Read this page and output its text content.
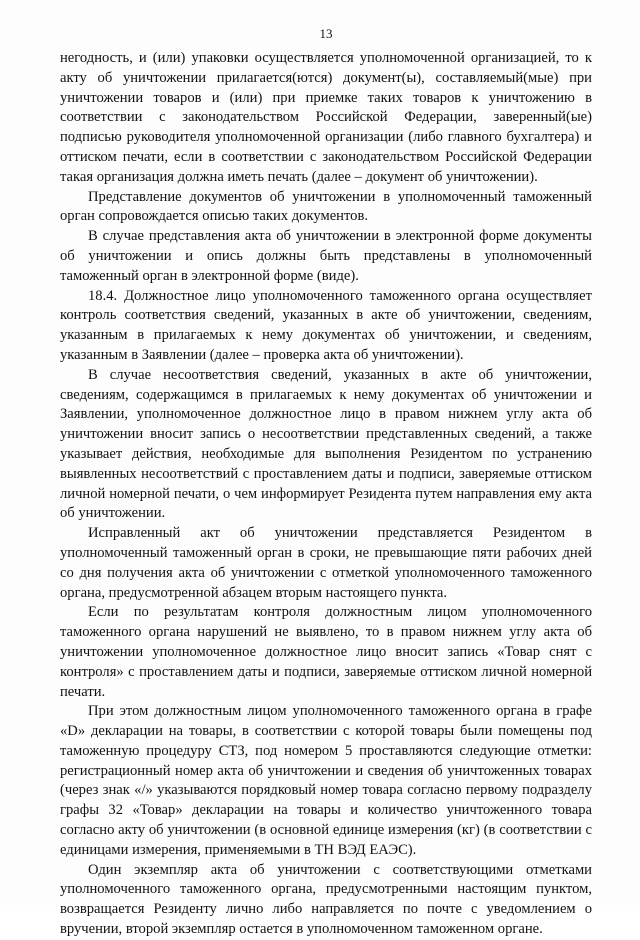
13

негодность, и (или) упаковки осуществляется уполномоченной организацией, то к акту об уничтожении прилагается(ются) документ(ы), составляемый(мые) при уничтожении товаров и (или) при приемке таких товаров к уничтожению в соответствии с законодательством Российской Федерации, заверенный(ые) подписью руководителя уполномоченной организации (либо главного бухгалтера) и оттиском печати, если в соответствии с законодательством Российской Федерации такая организация должна иметь печать (далее – документ об уничтожении).

Представление документов об уничтожении в уполномоченный таможенный орган сопровождается описью таких документов.

В случае представления акта об уничтожении в электронной форме документы об уничтожении и опись должны быть представлены в уполномоченный таможенный орган в электронной форме (виде).

18.4. Должностное лицо уполномоченного таможенного органа осуществляет контроль соответствия сведений, указанных в акте об уничтожении, сведениям, указанным в прилагаемых к нему документах об уничтожении, и сведениям, указанным в Заявлении (далее – проверка акта об уничтожении).

В случае несоответствия сведений, указанных в акте об уничтожении, сведениям, содержащимся в прилагаемых к нему документах об уничтожении и Заявлении, уполномоченное должностное лицо в правом нижнем углу акта об уничтожении вносит запись о несоответствии представленных сведений, а также указывает действия, необходимые для выполнения Резидентом по устранению выявленных несоответствий с проставлением даты и подписи, заверяемые оттиском личной номерной печати, о чем информирует Резидента путем направления ему акта об уничтожении.

Исправленный акт об уничтожении представляется Резидентом в уполномоченный таможенный орган в сроки, не превышающие пяти рабочих дней со дня получения акта об уничтожении с отметкой уполномоченного таможенного органа, предусмотренной абзацем вторым настоящего пункта.

Если по результатам контроля должностным лицом уполномоченного таможенного органа нарушений не выявлено, то в правом нижнем углу акта об уничтожении уполномоченное должностное лицо вносит запись «Товар снят с контроля» с проставлением даты и подписи, заверяемые оттиском личной номерной печати.

При этом должностным лицом уполномоченного таможенного органа в графе «D» декларации на товары, в соответствии с которой товары были помещены под таможенную процедуру СТЗ, под номером 5 проставляются следующие отметки: регистрационный номер акта об уничтожении и сведения об уничтоженных товарах (через знак «/» указываются порядковый номер товара согласно первому подразделу графы 32 «Товар» декларации на товары и количество уничтоженного товара согласно акту об уничтожении (в основной единице измерения (кг) (в соответствии с единицами измерения, применяемыми в ТН ВЭД ЕАЭС).

Один экземпляр акта об уничтожении с соответствующими отметками уполномоченного таможенного органа, предусмотренными настоящим пунктом, возвращается Резиденту лично либо направляется по почте с уведомлением о вручении, второй экземпляр остается в уполномоченном таможенном органе.
